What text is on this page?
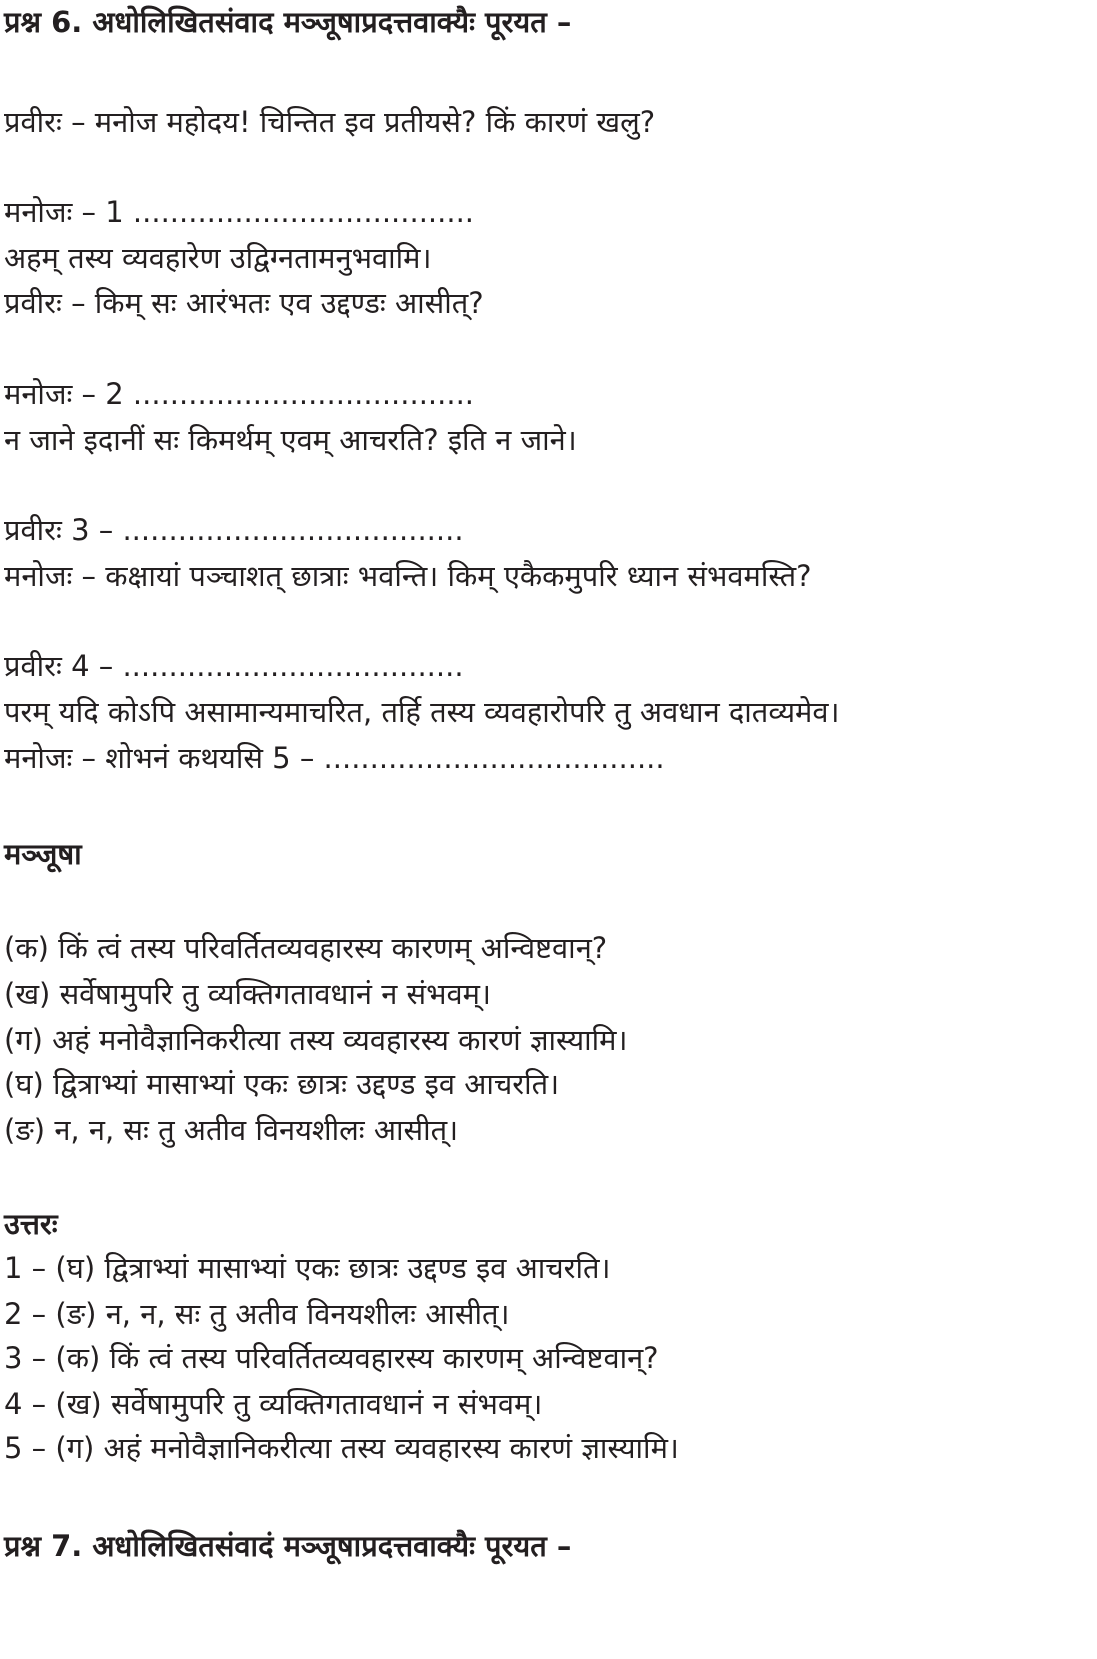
प्रश्न 6. अधोलिखितसंवाद मञ्जूषाप्रदत्तवाक्यैः पूरयत –
प्रवीरः – मनोज महोदय! चिन्तित इव प्रतीयसे? किं कारणं खलु?
मनोजः – 1 .....................................
अहम् तस्य व्यवहारेण उद्विग्नतामनुभवामि।
प्रवीरः – किम् सः आरंभतः एव उद्दण्डः आसीत्?
मनोजः – 2 .....................................
न जाने इदानीं सः किमर्थम् एवम् आचरति? इति न जाने।
प्रवीरः 3 – .....................................
मनोजः – कक्षायां पञ्चाशत् छात्राः भवन्ति। किम् एकैकमुपरि ध्यान संभवमस्ति?
प्रवीरः 4 – .....................................
परम् यदि कोऽपि असामान्यमाचरित, तर्हि तस्य व्यवहारोपरि तु अवधान दातव्यमेव।
मनोजः – शोभनं कथयसि 5 – .....................................
मञ्जूषा
(क) किं त्वं तस्य परिवर्तितव्यवहारस्य कारणम् अन्विष्टवान्?
(ख) सर्वेषामुपरि तु व्यक्तिगतावधानं न संभवम्।
(ग) अहं मनोवैज्ञानिकरीत्या तस्य व्यवहारस्य कारणं ज्ञास्यामि।
(घ) द्वित्राभ्यां मासाभ्यां एकः छात्रः उद्दण्ड इव आचरति।
(ङ) न, न, सः तु अतीव विनयशीलः आसीत्।
उत्तरः
1 – (घ) द्वित्राभ्यां मासाभ्यां एकः छात्रः उद्दण्ड इव आचरति।
2 – (ङ) न, न, सः तु अतीव विनयशीलः आसीत्।
3 – (क) किं त्वं तस्य परिवर्तितव्यवहारस्य कारणम् अन्विष्टवान्?
4 – (ख) सर्वेषामुपरि तु व्यक्तिगतावधानं न संभवम्।
5 – (ग) अहं मनोवैज्ञानिकरीत्या तस्य व्यवहारस्य कारणं ज्ञास्यामि।
प्रश्न 7. अधोलिखितसंवादं मञ्जूषाप्रदत्तवाक्यैः पूरयत –
